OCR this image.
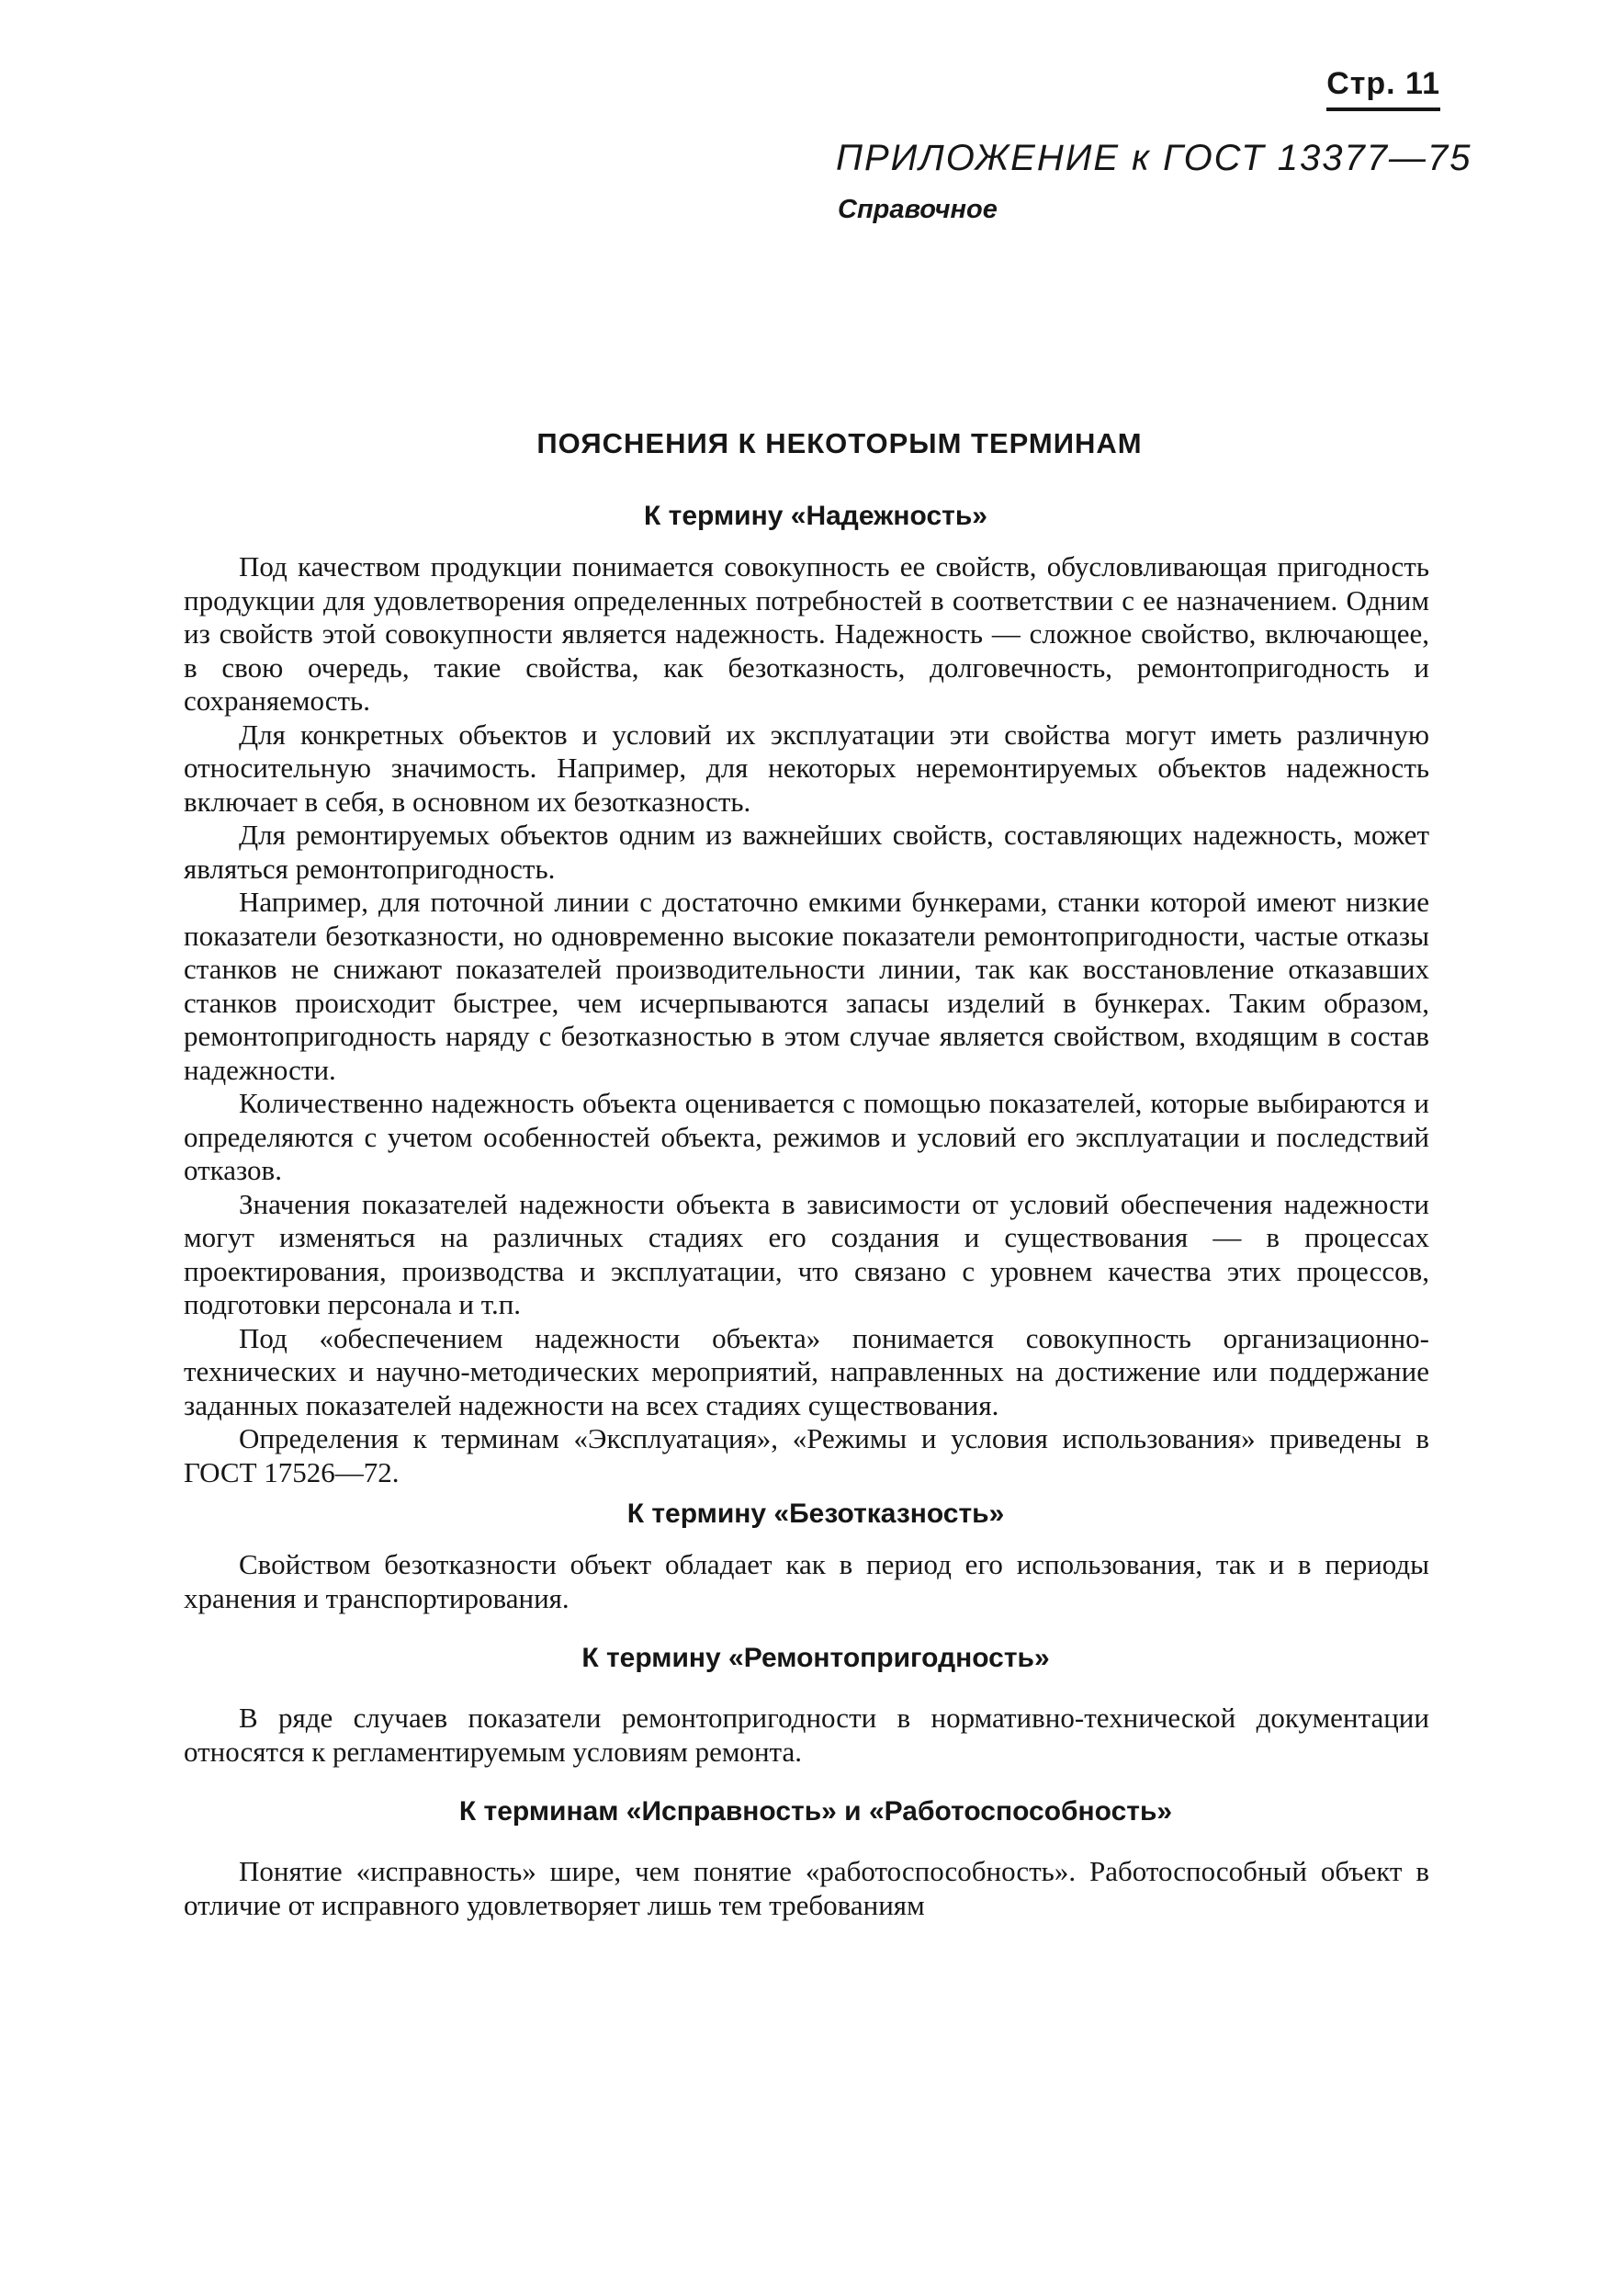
Стр. 11
ПРИЛОЖЕНИЕ к ГОСТ 13377—75
Справочное
ПОЯСНЕНИЯ К НЕКОТОРЫМ ТЕРМИНАМ
К термину «Надежность»

Под качеством продукции понимается совокупность ее свойств, обусловливающая пригодность продукции для удовлетворения определенных потребностей в соответствии с ее назначением. Одним из свойств этой совокупности является надежность. Надежность — сложное свойство, включающее, в свою очередь, такие свойства, как безотказность, долговечность, ремонтопригодность и сохраняемость.

Для конкретных объектов и условий их эксплуатации эти свойства могут иметь различную относительную значимость. Например, для некоторых неремонтируемых объектов надежность включает в себя, в основном их безотказность.

Для ремонтируемых объектов одним из важнейших свойств, составляющих надежность, может являться ремонтопригодность.

Например, для поточной линии с достаточно емкими бункерами, станки которой имеют низкие показатели безотказности, но одновременно высокие показатели ремонтопригодности, частые отказы станков не снижают показателей производительности линии, так как восстановление отказавших станков происходит быстрее, чем исчерпываются запасы изделий в бункерах. Таким образом, ремонтопригодность наряду с безотказностью в этом случае является свойством, входящим в состав надежности.

Количественно надежность объекта оценивается с помощью показателей, которые выбираются и определяются с учетом особенностей объекта, режимов и условий его эксплуатации и последствий отказов.

Значения показателей надежности объекта в зависимости от условий обеспечения надежности могут изменяться на различных стадиях его создания и существования — в процессах проектирования, производства и эксплуатации, что связано с уровнем качества этих процессов, подготовки персонала и т.п.

Под «обеспечением надежности объекта» понимается совокупность организационно-технических и научно-методических мероприятий, направленных на достижение или поддержание заданных показателей надежности на всех стадиях существования.

Определения к терминам «Эксплуатация», «Режимы и условия использования» приведены в ГОСТ 17526—72.

К термину «Безотказность»

Свойством безотказности объект обладает как в период его использования, так и в периоды хранения и транспортирования.

К термину «Ремонтопригодность»

В ряде случаев показатели ремонтопригодности в нормативно-технической документации относятся к регламентируемым условиям ремонта.

К терминам «Исправность» и «Работоспособность»

Понятие «исправность» шире, чем понятие «работоспособность». Работоспособный объект в отличие от исправного удовлетворяет лишь тем требованиям
